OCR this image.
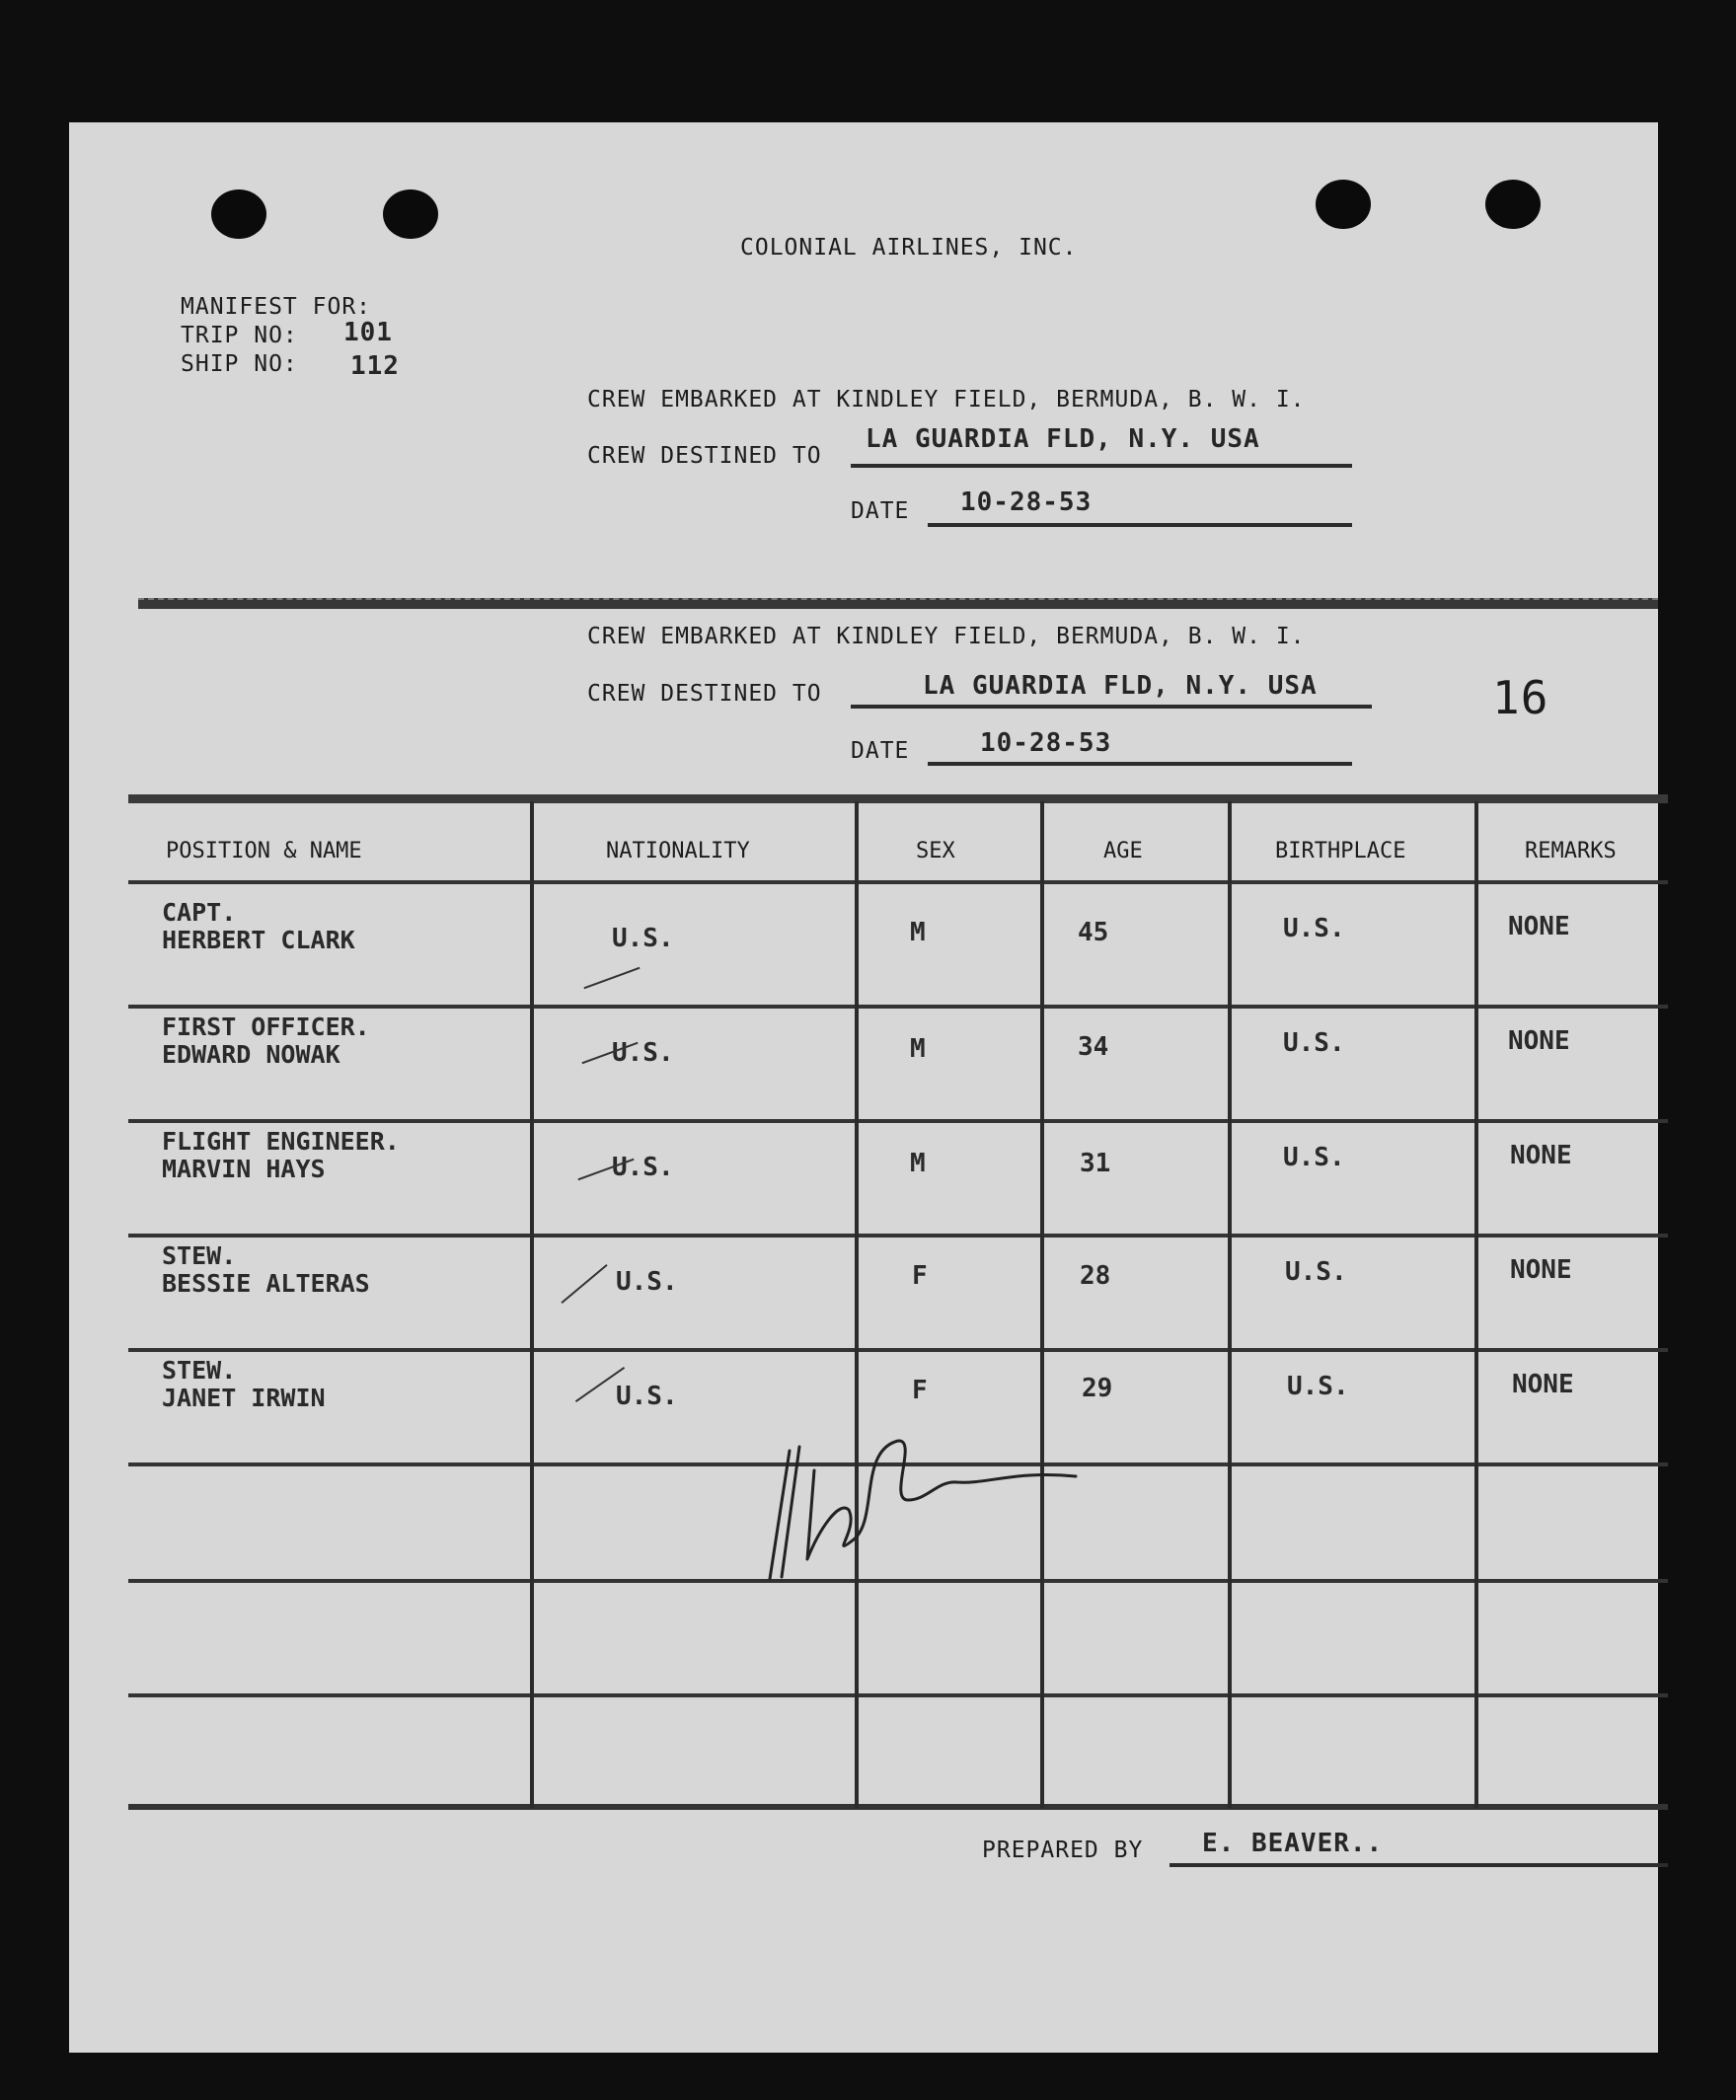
COLONIAL AIRLINES, INC.
MANIFEST FOR:
TRIP NO: 101
SHIP NO: 112
CREW EMBARKED AT KINDLEY FIELD, BERMUDA, B. W. I.
CREW DESTINED TO
LA GUARDIA FLD, N.Y. USA
DATE 10-28-53
CREW EMBARKED AT KINDLEY FIELD, BERMUDA, B. W. I.
CREW DESTINED TO	LA GUARDIA FLD, N.Y. USA	16
DATE	10-28-53
POSITION & NAME	NATIONALITY	SEX	AGE	BIRTHPLACE	REMARKS
CAPT.
HERBERT CLARK	U.S.	M	45	U.S.	NONE
FIRST OFFICER.
EDWARD NOWAK	U.S.	M	34	U.S.	NONE
FLIGHT ENGINEER.
MARVIN HAYS	U.S.	M	31	U.S.	NONE
STEW.
BESSIE ALTERAS	U.S.	F	28	U.S.	NONE
STEW.
JANET IRWIN	U.S.	F	29	U.S.	NONE
PREPARED BY E. BEAVER..
